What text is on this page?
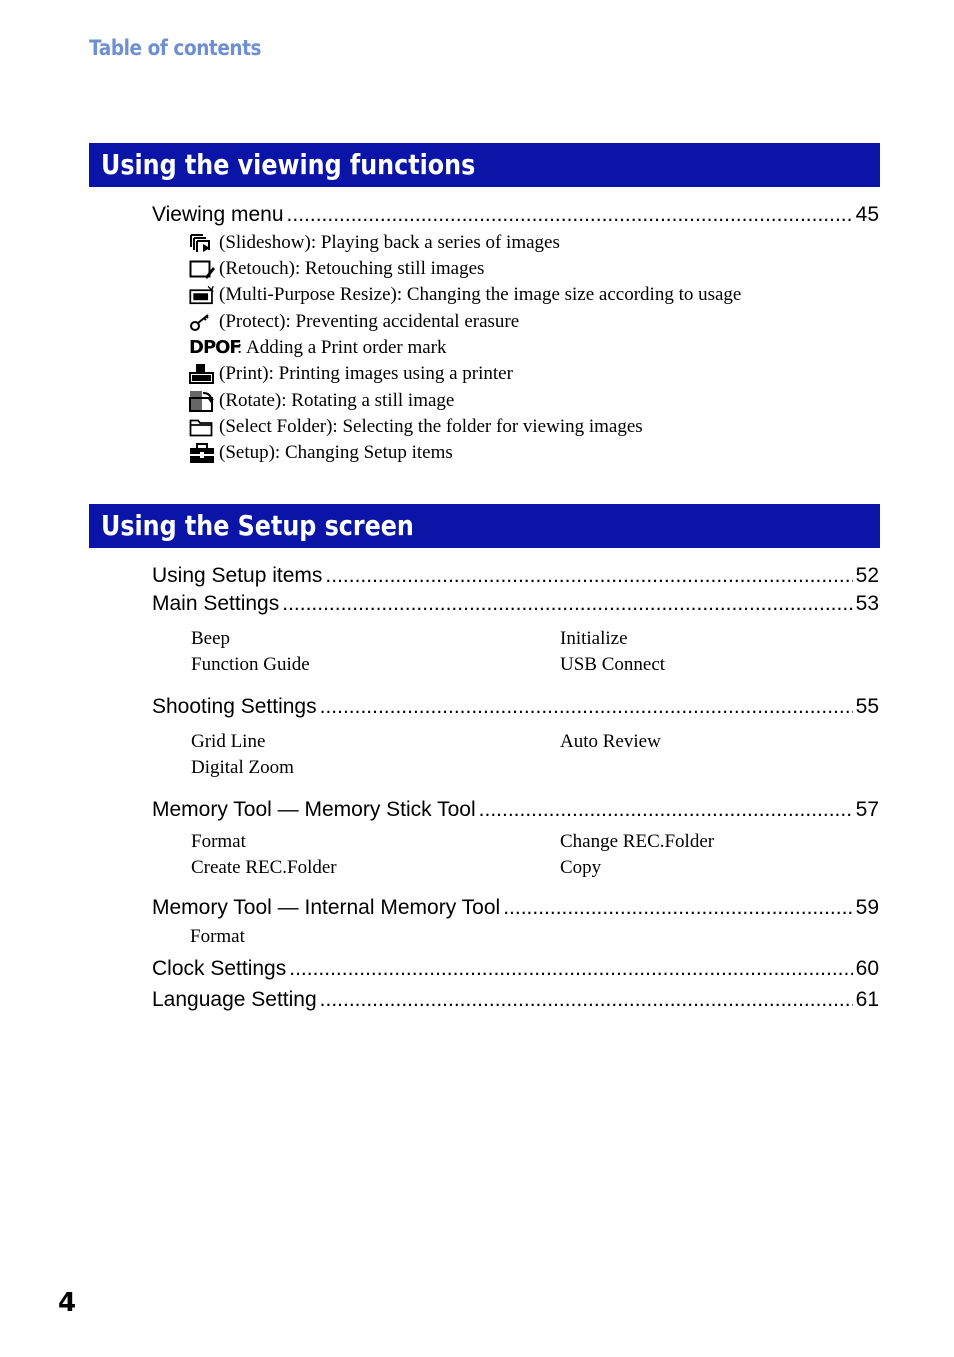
Table of contents
Using the viewing functions
Viewing menu .....	45
(Slideshow): Playing back a series of images
(Retouch): Retouching still images
(Multi-Purpose Resize): Changing the image size according to usage
(Protect): Preventing accidental erasure
DPOF
: Adding a Print order mark
(Print): Printing images using a printer
(Rotate): Rotating a still image
(Select Folder): Selecting the folder for viewing images
(Setup): Changing Setup items
Using the Setup screen
Using Setup items .....	52
Main Settings .....	53
Beep	Initialize
Function Guide	USB Connect
Shooting Settings .....	55
Grid Line	Auto Review
Digital Zoom
Memory Tool — Memory Stick Tool .....	57
Format	Change REC.Folder
Create REC.Folder	Copy
Memory Tool — Internal Memory Tool .....	59
Format
Clock Settings .....	60
Language Setting .....	61
4
